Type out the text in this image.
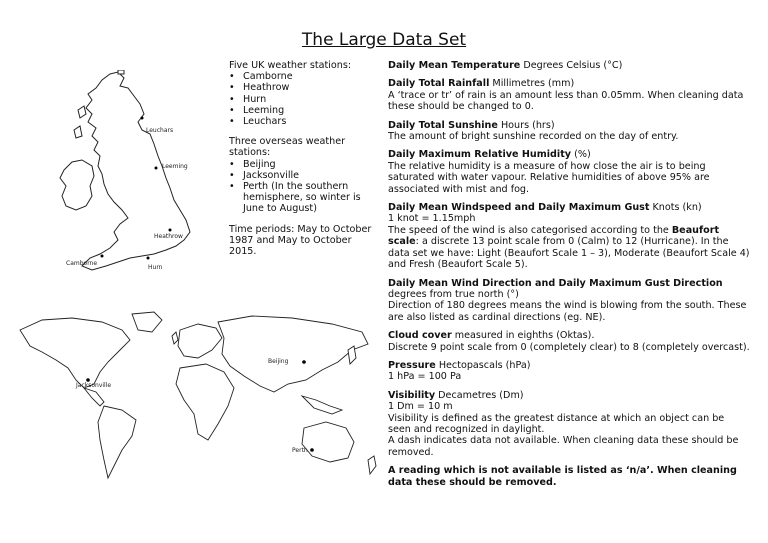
The Large Data Set
Leuchars
Leeming
Heathrow
Camborne
Hurn
Beijing
Jacksonville
Perth
Five UK weather stations:
• Camborne
• Heathrow
• Hurn
• Leeming
• Leuchars
Three overseas weather stations:
• Beijing
• Jacksonville
• Perth (In the southern hemisphere, so winter is June to August)

Time periods: May to October 1987 and May to October 2015.

Daily Mean Temperature Degrees Celsius (°C)
Daily Total Rainfall Millimetres (mm)
A ‘trace or tr’ of rain is an amount less than 0.05mm. When cleaning data these should be changed to 0.
Daily Total Sunshine Hours (hrs)
The amount of bright sunshine recorded on the day of entry.
Daily Maximum Relative Humidity (%)
The relative humidity is a measure of how close the air is to being saturated with water vapour. Relative humidities of above 95% are associated with mist and fog.
Daily Mean Windspeed and Daily Maximum Gust Knots (kn)
1 knot = 1.15mph
The speed of the wind is also categorised according to the Beaufort scale: a discrete 13 point scale from 0 (Calm) to 12 (Hurricane). In the data set we have: Light (Beaufort Scale 1 – 3), Moderate (Beaufort Scale 4) and Fresh (Beaufort Scale 5).
Daily Mean Wind Direction and Daily Maximum Gust Direction
degrees from true north (°)
Direction of 180 degrees means the wind is blowing from the south. These are also listed as cardinal directions (eg. NE).
Cloud cover measured in eighths (Oktas).
Discrete 9 point scale from 0 (completely clear) to 8 (completely overcast).
Pressure Hectopascals (hPa)
1 hPa = 100 Pa
Visibility Decametres (Dm)
1 Dm = 10 m
Visibility is defined as the greatest distance at which an object can be seen and recognized in daylight.
A dash indicates data not available. When cleaning data these should be removed.
A reading which is not available is listed as ‘n/a’. When cleaning data these should be removed.
